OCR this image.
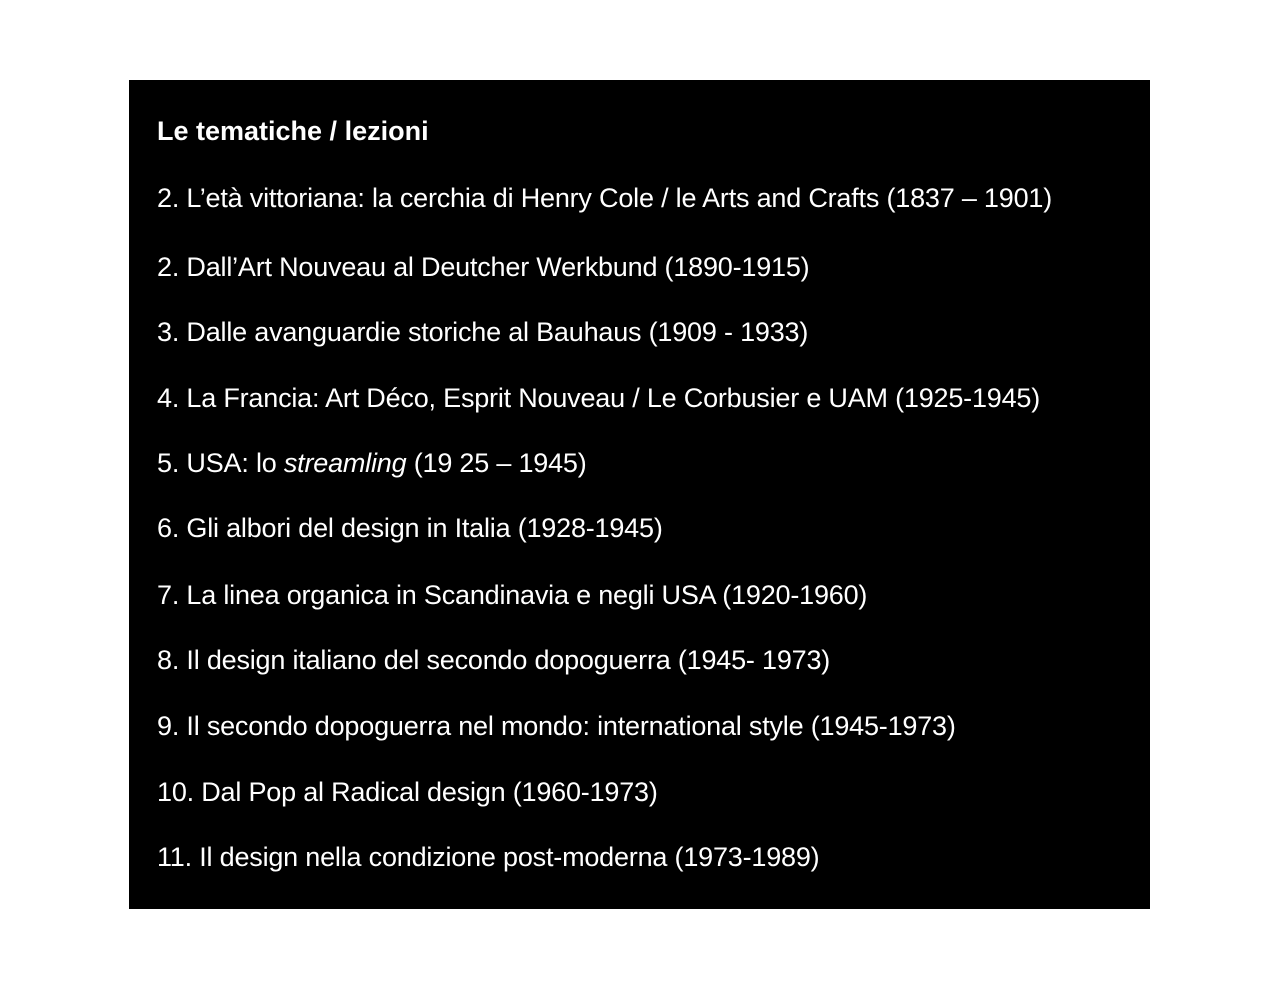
Le tematiche / lezioni
2. L’età vittoriana: la cerchia di Henry Cole / le Arts and Crafts (1837 – 1901)
2. Dall’Art Nouveau al Deutcher Werkbund (1890-1915)
3. Dalle avanguardie storiche al Bauhaus (1909 - 1933)
4. La Francia: Art Déco, Esprit Nouveau / Le Corbusier e UAM (1925-1945)
5. USA: lo streamling (19 25 – 1945)
6. Gli albori del design in Italia (1928-1945)
7. La linea organica in Scandinavia e negli USA (1920-1960)
8. Il design italiano del secondo dopoguerra (1945- 1973)
9. Il secondo dopoguerra nel mondo: international style (1945-1973)
10. Dal Pop al Radical design (1960-1973)
11. Il design nella condizione post-moderna (1973-1989)
